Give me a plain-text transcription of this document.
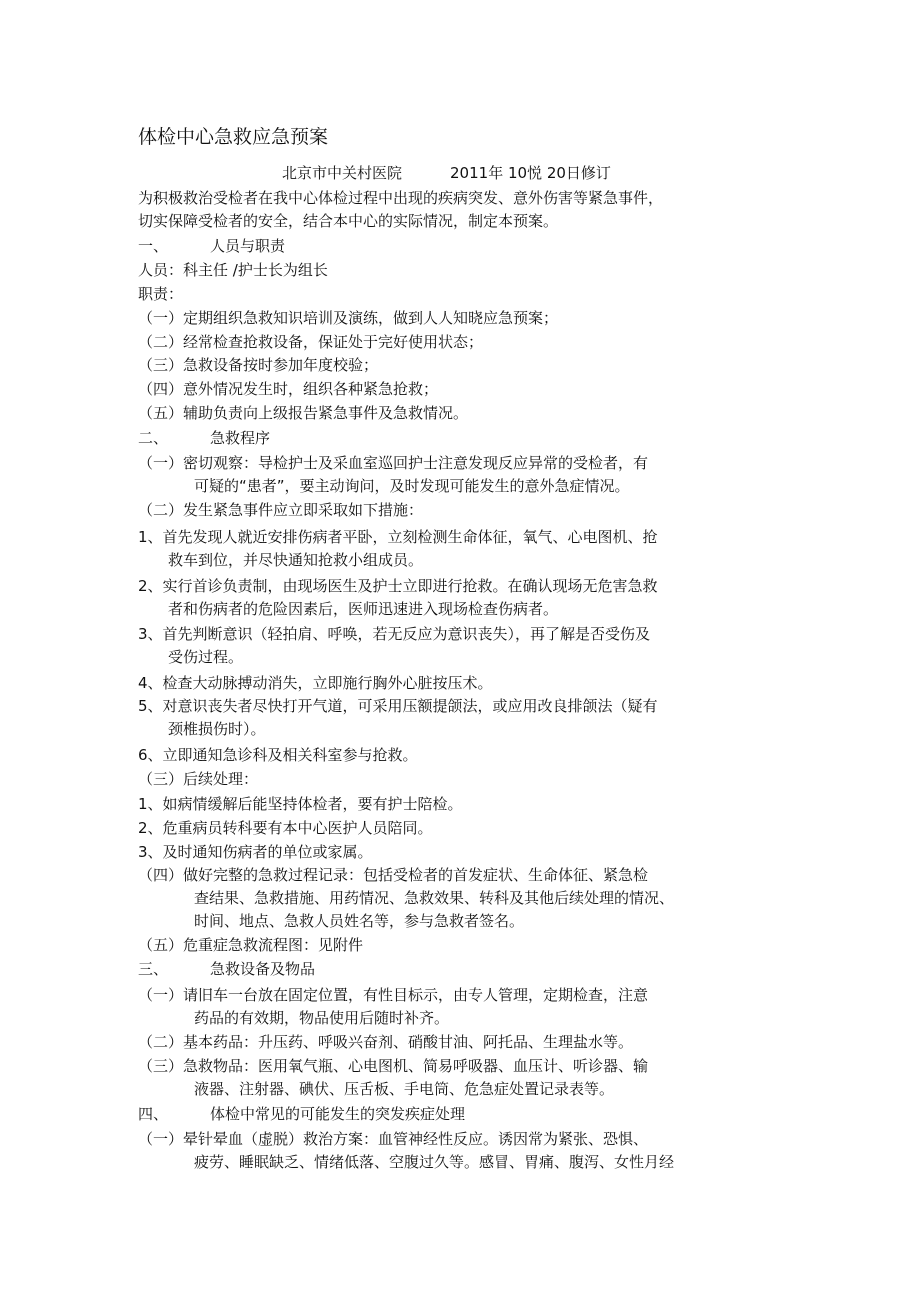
体检中心急救应急预案
北京市中关村医院	2011年 10悦 20日修订
为积极救治受检者在我中心体检过程中出现的疾病突发、意外伤害等紧急事件，
切实保障受检者的安全，结合本中心的实际情况，制定本预案。
一、	人员与职责
人员：科主任 /护士长为组长
职责：
（一）定期组织急救知识培训及演练，做到人人知晓应急预案；
（二）经常检查抢救设备，保证处于完好使用状态；
（三）急救设备按时参加年度校验；
（四）意外情况发生时，组织各种紧急抢救；
（五）辅助负责向上级报告紧急事件及急救情况。
二、	急救程序
（一）密切观察：导检护士及采血室巡回护士注意发现反应异常的受检者，有
可疑的“患者”，要主动询问，及时发现可能发生的意外急症情况。
（二）发生紧急事件应立即采取如下措施：
1、首先发现人就近安排伤病者平卧，立刻检测生命体征，氧气、心电图机、抢
救车到位，并尽快通知抢救小组成员。
2、实行首诊负责制，由现场医生及护士立即进行抢救。在确认现场无危害急救
者和伤病者的危险因素后，医师迅速进入现场检查伤病者。
3、首先判断意识（轻拍肩、呼唤，若无反应为意识丧失），再了解是否受伤及
受伤过程。
4、检查大动脉搏动消失，立即施行胸外心脏按压术。
5、对意识丧失者尽快打开气道，可采用压额提颌法，或应用改良排颌法（疑有
颈椎损伤时）。
6、立即通知急诊科及相关科室参与抢救。
（三）后续处理：
1、如病情缓解后能坚持体检者，要有护士陪检。
2、危重病员转科要有本中心医护人员陪同。
3、及时通知伤病者的单位或家属。
（四）做好完整的急救过程记录：包括受检者的首发症状、生命体征、紧急检
查结果、急救措施、用药情况、急救效果、转科及其他后续处理的情况、
时间、地点、急救人员姓名等，参与急救者签名。
（五）危重症急救流程图：见附件
三、	急救设备及物品
（一）请旧车一台放在固定位置，有性目标示，由专人管理，定期检查，注意
药品的有效期，物品使用后随时补齐。
（二）基本药品：升压药、呼吸兴奋剂、硝酸甘油、阿托品、生理盐水等。
（三）急救物品：医用氧气瓶、心电图机、简易呼吸器、血压计、听诊器、输
液器、注射器、碘伏、压舌板、手电筒、危急症处置记录表等。
四、	体检中常见的可能发生的突发疾症处理
（一）晕针晕血（虚脱）救治方案：血管神经性反应。诱因常为紧张、恐惧、
疲劳、睡眠缺乏、情绪低落、空腹过久等。感冒、胃痛、腹泻、女性月经
